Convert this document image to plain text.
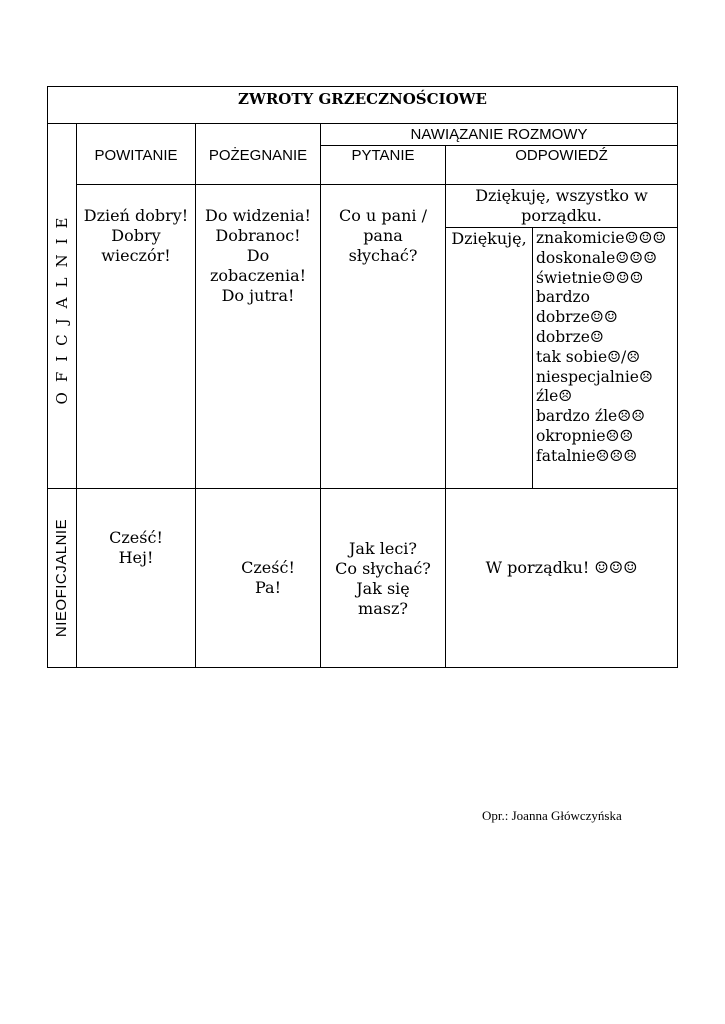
ZWROTY GRZECZNOŚCIOWE
POWITANIE	POŻEGNANIE
NAWIĄZANIE ROZMOWY
PYTANIE	ODPOWIEDŹ
OFICJALNIE
NIEOFICJALNIE
Dzień dobry!
Dobry
wieczór!
Do widzenia!
Dobranoc!
Do
zobaczenia!
Do jutra!
Co u pani /
pana
słychać?
Dziękuję, wszystko w
porządku.
Dziękuję, znakomicie☺☺☺
doskonale☺☺☺
świetnie☺☺☺
bardzo
dobrze☺☺
dobrze☺
tak sobie☺/☹
niespecjalnie☹
źle☹
bardzo źle☹☹
okropnie☹☹
fatalnie☹☹☹
Cześć!
Hej!
Cześć!
Pa!
Jak leci?
Co słychać?
Jak się
masz?
W porządku! ☺☺☺
Opr.: Joanna Główczyńska
